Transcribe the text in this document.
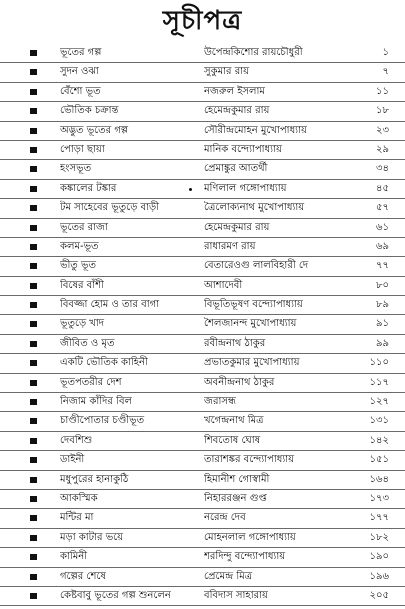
সূচীপত্র
ভূতের গল্প	উপেন্দ্রকিশোর রায়চৌধুরী	১
সুদন ওঝা	সুকুমার রায়	৭
বেঁশো ভূত	নজরুল ইসলাম	১১
ভৌতিক চক্রান্ত	হেমেন্দ্রকুমার রায়	১৮
অদ্ভুত ভূতের গল্প	সৌরীন্দ্রমোহন মুখোপাধ্যায়	২৩
পোড়া ছায়া	মানিক বন্দ্যোপাধ্যায়	২৯
হংসভূত	প্রেমাঙ্কুর আতর্থী	৩৪
কঙ্কালের টঙ্কার	মণিলাল গঙ্গোপাধ্যায়	৪৫
টম সাহেবের ভূতুড়ে বাড়ী	ত্রৈলোক্যনাথ মুখোপাধ্যায়	৫৭
ভূতের রাজা	হেমেন্দ্রকুমার রায়	৬১
কলম-ভূত	রাধারমণ রায়	৬৯
ভীতু ভূত	বেতারেওগু লালবিহারী দে	৭৭
বিষের বাঁশী	আশাদেবী	৮০
বিবজ্জা হোম ও তার বাগা	বিভূতিভূষণ বন্দ্যোপাধ্যায়	৮৯
ভূতুড়ে খাদ	শৈলজানন্দ মুখোপাধ্যায়	৯১
জীবিত ও মৃত	রবীন্দ্রনাথ ঠাকুর	৯৯
একটি ভৌতিক কাহিনী	প্রভাতকুমার মুখোপাধ্যায়	১১০
ভূতপতরীর দেশ	অবনীন্দ্রনাথ ঠাকুর	১১৭
নিজাম কাঁদির বিল	জরাসন্ধ	১২৭
চাণ্ডীপোতার চণ্ডীভূত	খগেন্দ্রনাথ মিত্র	১৩১
দেবশিশু	শিবতোষ ঘোষ	১৪২
ডাইনী	তারাশঙ্কর বন্দ্যোপাধ্যায়	১৫১
মধুপুরের হানাকুঠি	হিমানীশ গোস্বামী	১৬৪
আকস্মিক	নিহাররঞ্জন গুপ্ত	১৭৩
মন্টির মা	নরেন্দ্র দেব	১৭৭
মড়া কাটার ভয়ে	মোহনলাল গঙ্গোপাধ্যায়	১৮২
কামিনী	শরদিন্দু বন্দ্যোপাধ্যায়	১৯০
গল্পের শেষে	প্রেমেন্দ্র মিত্র	১৯৬
কেষ্টবাবু ভূতের গল্প শুনলেন	ববিদাস সাহারায়	২০৫
